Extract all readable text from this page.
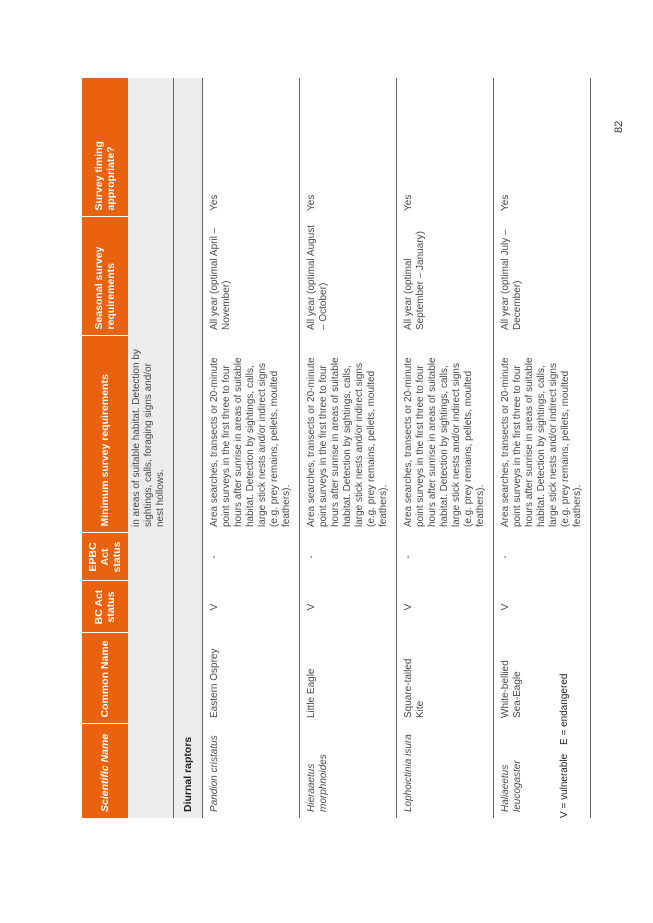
Scientific Name	Common Name	BC Act status	EPBC Act status	Minimum survey requirements	Seasonal survey requirements	Survey timing appropriate?
				in areas of suitable habitat. Detection by sightings, calls, foraging signs and/or nest hollows.		
Diurnal raptors						
Pandion cristatus	Eastern Osprey	V	-	Area searches, transects or 20-minute point surveys in the first three to four hours after sunrise in areas of suitable habitat. Detection by sightings, calls, large stick nests and/or indirect signs (e.g. prey remains, pellets, moulted feathers).	All year (optimal April – November)	Yes
Hieraaetus morphnoides	Little Eagle	V	-	Area searches, transects or 20-minute point surveys in the first three to four hours after sunrise in areas of suitable habitat. Detection by sightings, calls, large stick nests and/or indirect signs (e.g. prey remains, pellets, moulted feathers).	All year (optimal August – October)	Yes
Lophoictinia isura	Square-tailed Kite	V	-	Area searches, transects or 20-minute point surveys in the first three to four hours after sunrise in areas of suitable habitat. Detection by sightings, calls, large stick nests and/or indirect signs (e.g. prey remains, pellets, moulted feathers).	All year (optimal September – January)	Yes
Haliaeetus leucogaster	White-bellied Sea-Eagle	V	-	Area searches, transects or 20-minute point surveys in the first three to four hours after sunrise in areas of suitable habitat. Detection by sightings, calls, large stick nests and/or indirect signs (e.g. prey remains, pellets, moulted feathers).	All year (optimal July – December)	Yes
V = vulnerable E = endangered
82
